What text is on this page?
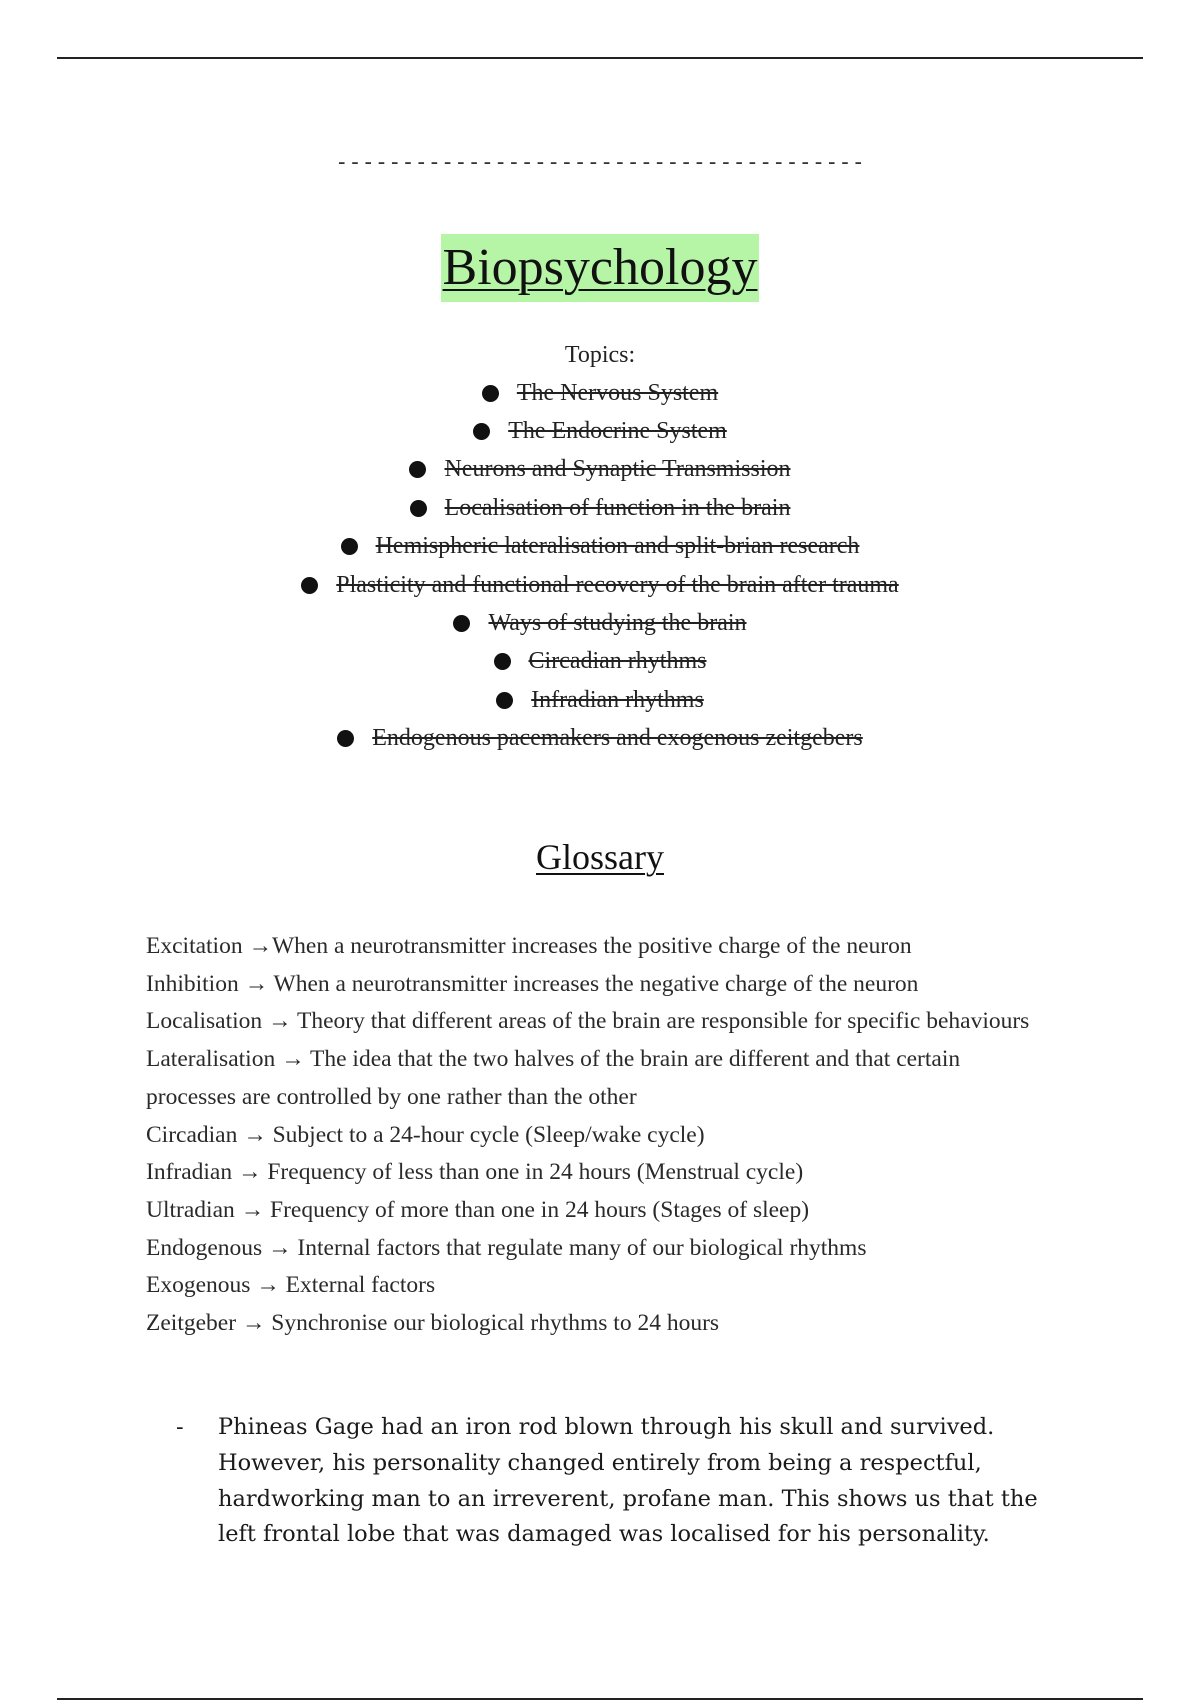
----------------------------------------
Biopsychology
Topics:
The Nervous System
The Endocrine System
Neurons and Synaptic Transmission
Localisation of function in the brain
Hemispheric lateralisation and split-brian research
Plasticity and functional recovery of the brain after trauma
Ways of studying the brain
Circadian rhythms
Infradian rhythms
Endogenous pacemakers and exogenous zeitgebers
Glossary

Excitation →When a neurotransmitter increases the positive charge of the neuron

Inhibition → When a neurotransmitter increases the negative charge of the neuron

Localisation → Theory that different areas of the brain are responsible for specific behaviours

Lateralisation → The idea that the two halves of the brain are different and that certain processes are controlled by one rather than the other

Circadian → Subject to a 24-hour cycle (Sleep/wake cycle)

Infradian → Frequency of less than one in 24 hours (Menstrual cycle)

Ultradian → Frequency of more than one in 24 hours (Stages of sleep)

Endogenous → Internal factors that regulate many of our biological rhythms

Exogenous → External factors

Zeitgeber → Synchronise our biological rhythms to 24 hours

-	Phineas Gage had an iron rod blown through his skull and survived. However, his personality changed entirely from being a respectful, hardworking man to an irreverent, profane man. This shows us that the left frontal lobe that was damaged was localised for his personality.
